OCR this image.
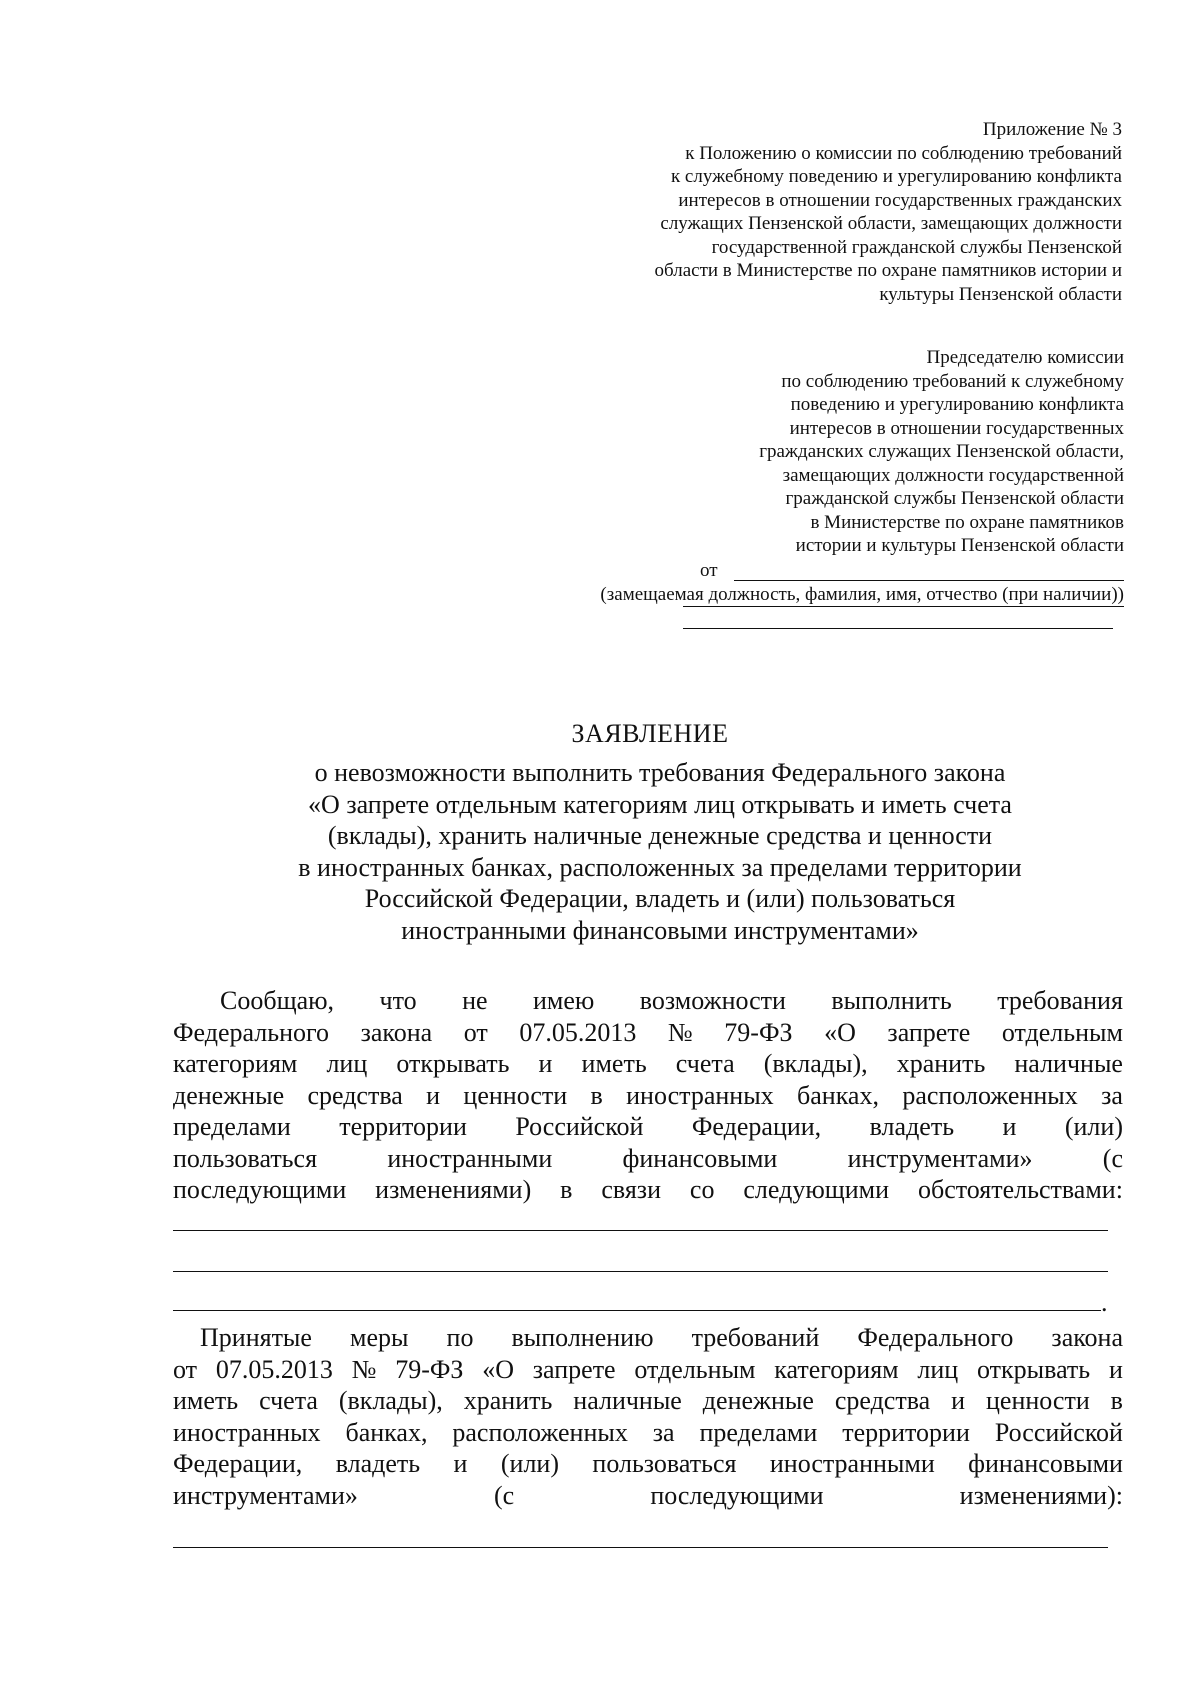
Приложение № 3
к Положению о комиссии по соблюдению требований
к служебному поведению и урегулированию конфликта
интересов в отношении государственных гражданских
служащих Пензенской области, замещающих должности
государственной гражданской службы Пензенской
области в Министерстве по охране памятников истории и
культуры Пензенской области
Председателю комиссии
по соблюдению требований к служебному
поведению и урегулированию конфликта
интересов в отношении государственных
гражданских служащих Пензенской области,
замещающих должности государственной
гражданской службы Пензенской области
в Министерстве по охране памятников
истории и культуры Пензенской области
от
(замещаемая должность, фамилия, имя, отчество (при наличии))
ЗАЯВЛЕНИЕ
о невозможности выполнить требования Федерального закона
«О запрете отдельным категориям лиц открывать и иметь счета
(вклады), хранить наличные денежные средства и ценности
в иностранных банках, расположенных за пределами территории
Российской Федерации, владеть и (или) пользоваться
иностранными финансовыми инструментами»
Сообщаю, что не имею возможности выполнить требования
Федерального закона от 07.05.2013 № 79-ФЗ «О запрете отдельным
категориям лиц открывать и иметь счета (вклады), хранить наличные
денежные средства и ценности в иностранных банках, расположенных за
пределами территории Российской Федерации, владеть и (или)
пользоваться	иностранными	финансовыми	инструментами»	(с
последующими изменениями) в связи со следующими обстоятельствами:
.
Принятые меры по выполнению требований Федерального закона
от 07.05.2013 № 79-ФЗ «О запрете отдельным категориям лиц открывать и
иметь счета (вклады), хранить наличные денежные средства и ценности в
иностранных банках, расположенных за пределами территории Российской
Федерации, владеть и (или) пользоваться иностранными финансовыми
инструментами»	(с	последующими	изменениями):
